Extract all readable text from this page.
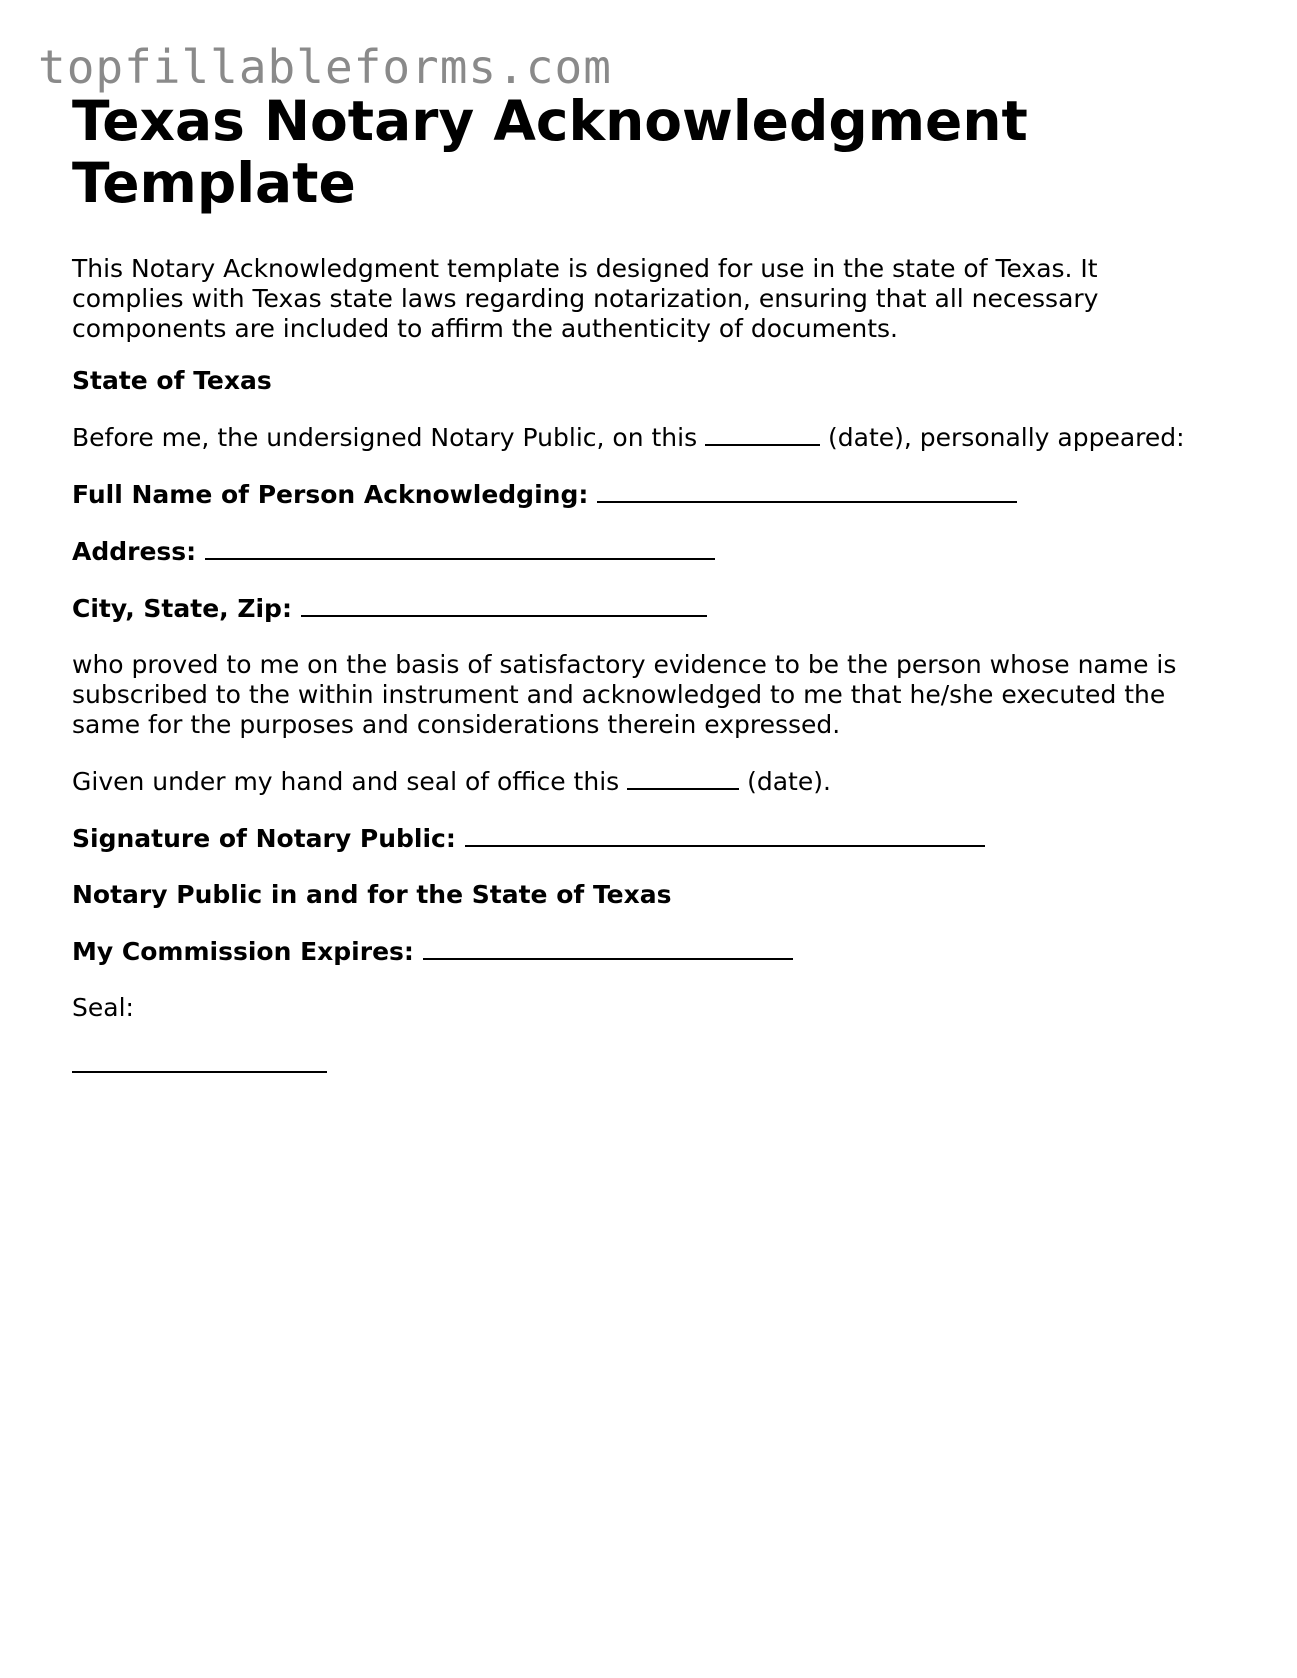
topfillableforms.com
Texas Notary Acknowledgment Template

This Notary Acknowledgment template is designed for use in the state of Texas. It complies with Texas state laws regarding notarization, ensuring that all necessary components are included to affirm the authenticity of documents.

State of Texas

Before me, the undersigned Notary Public, on this	(date), personally appeared:

Full Name of Person Acknowledging:

Address:

City, State, Zip:

who proved to me on the basis of satisfactory evidence to be the person whose name is subscribed to the within instrument and acknowledged to me that he/she executed the same for the purposes and considerations therein expressed.

Given under my hand and seal of office this	(date).

Signature of Notary Public:

Notary Public in and for the State of Texas

My Commission Expires:

Seal:
